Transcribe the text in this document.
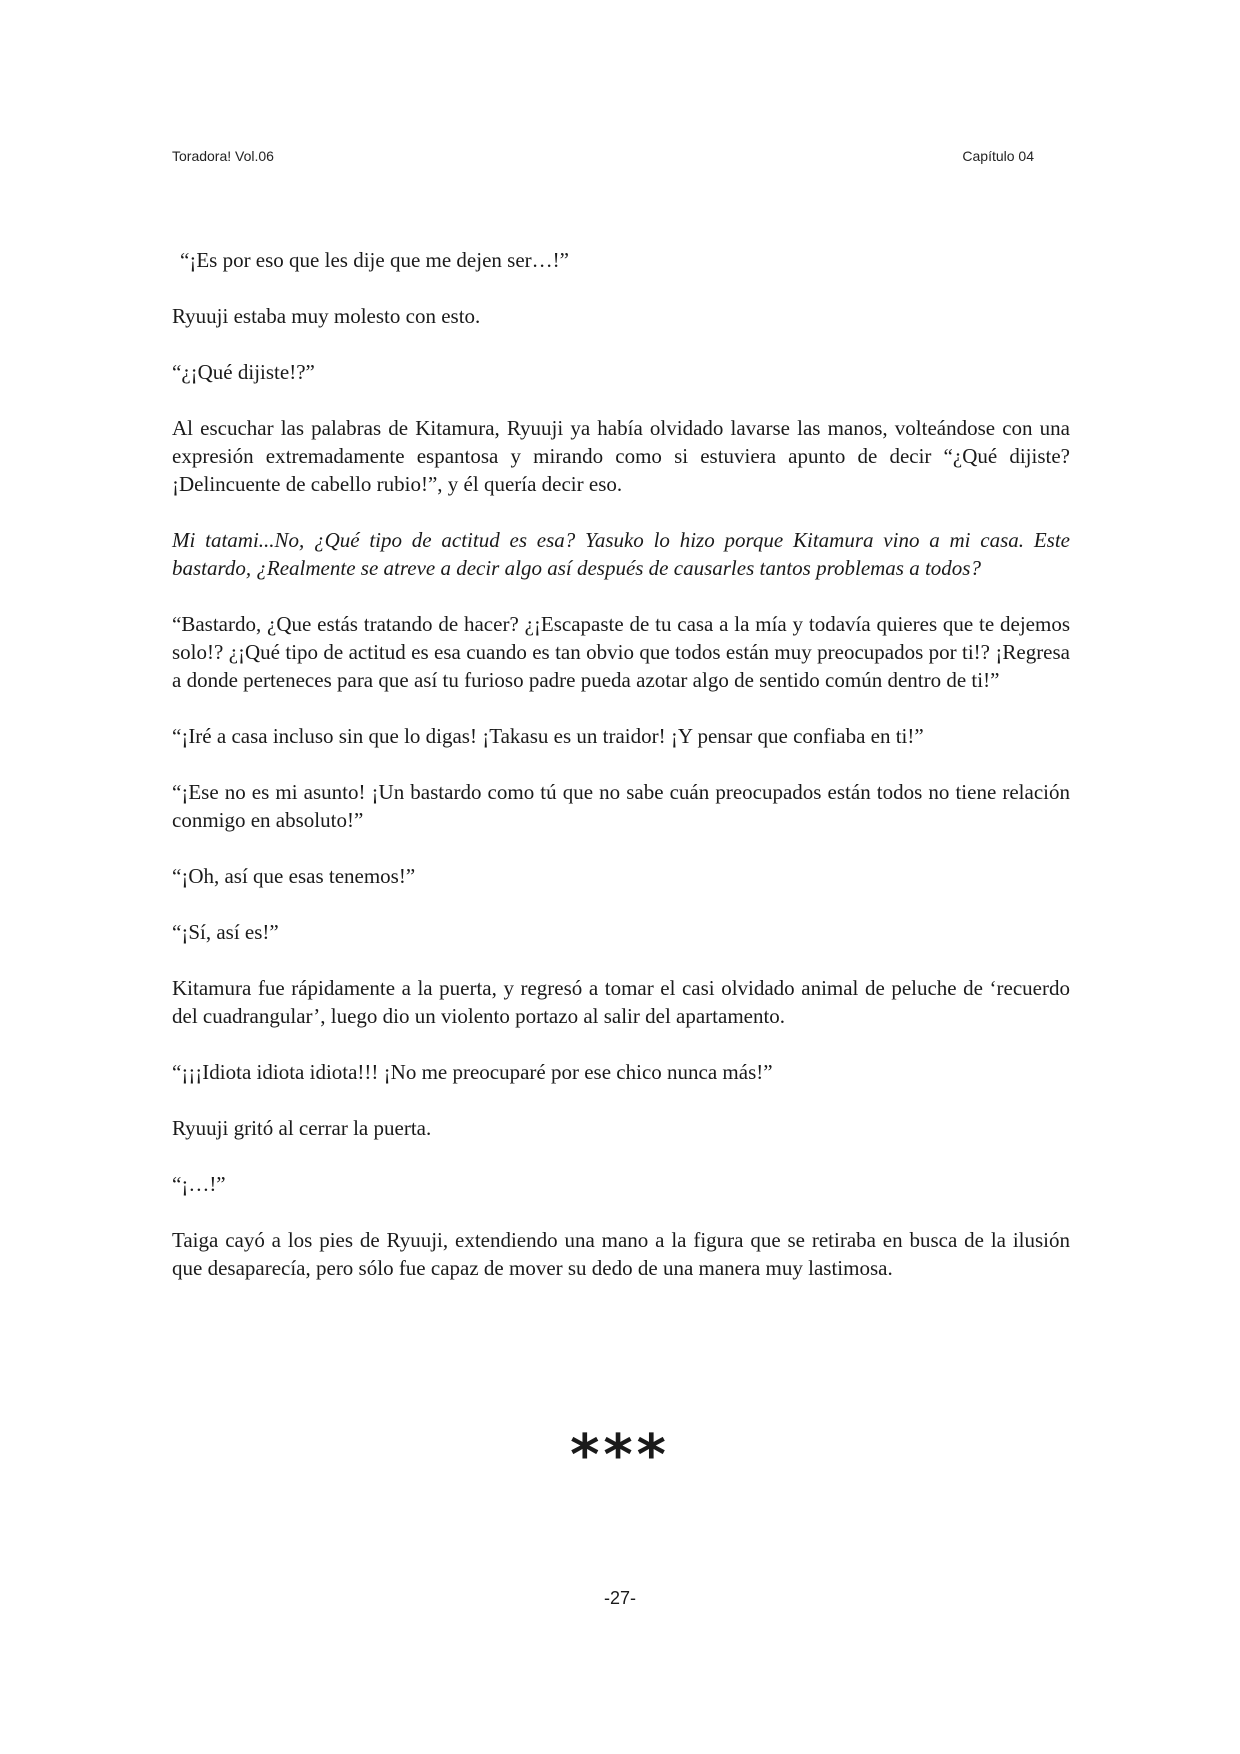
Toradora! Vol.06	Capítulo 04

“¡Es por eso que les dije que me dejen ser…!”

Ryuuji estaba muy molesto con esto.

“¿¡Qué dijiste!?”

Al escuchar las palabras de Kitamura, Ryuuji ya había olvidado lavarse las manos, volteándose con una expresión extremadamente espantosa y mirando como si estuviera apunto de decir “¿Qué dijiste? ¡Delincuente de cabello rubio!”, y él quería decir eso.

Mi tatami...No, ¿Qué tipo de actitud es esa? Yasuko lo hizo porque Kitamura vino a mi casa. Este bastardo, ¿Realmente se atreve a decir algo así después de causarles tantos problemas a todos?

“Bastardo, ¿Que estás tratando de hacer? ¿¡Escapaste de tu casa a la mía y todavía quieres que te dejemos solo!? ¿¡Qué tipo de actitud es esa cuando es tan obvio que todos están muy preocupados por ti!? ¡Regresa a donde perteneces para que así tu furioso padre pueda azotar algo de sentido común dentro de ti!”

“¡Iré a casa incluso sin que lo digas! ¡Takasu es un traidor! ¡Y pensar que confiaba en ti!”

“¡Ese no es mi asunto! ¡Un bastardo como tú que no sabe cuán preocupados están todos no tiene relación conmigo en absoluto!”

“¡Oh, así que esas tenemos!”

“¡Sí, así es!”

Kitamura fue rápidamente a la puerta, y regresó a tomar el casi olvidado animal de peluche de ‘recuerdo del cuadrangular’, luego dio un violento portazo al salir del apartamento.

“¡¡¡Idiota idiota idiota!!! ¡No me preocuparé por ese chico nunca más!”

Ryuuji gritó al cerrar la puerta.

“¡…!”

Taiga cayó a los pies de Ryuuji, extendiendo una mano a la figura que se retiraba en busca de la ilusión que desaparecía, pero sólo fue capaz de mover su dedo de una manera muy lastimosa.

***
-27-
